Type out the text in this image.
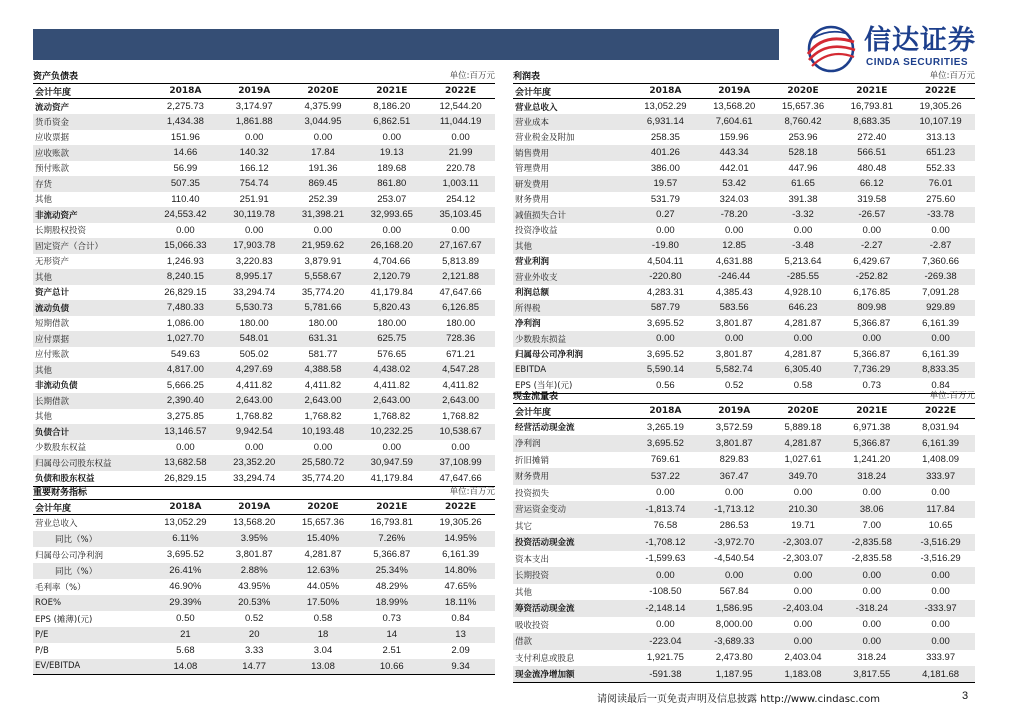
信达证券
CINDA SECURITIES
资产负债表	单位:百万元
会计年度	2018A	2019A	2020E	2021E	2022E
流动资产	2,275.73	3,174.97	4,375.99	8,186.20	12,544.20
货币资金	1,434.38	1,861.88	3,044.95	6,862.51	11,044.19
应收票据	151.96	0.00	0.00	0.00	0.00
应收账款	14.66	140.32	17.84	19.13	21.99
预付账款	56.99	166.12	191.36	189.68	220.78
存货	507.35	754.74	869.45	861.80	1,003.11
其他	110.40	251.91	252.39	253.07	254.12
非流动资产	24,553.42	30,119.78	31,398.21	32,993.65	35,103.45
长期股权投资	0.00	0.00	0.00	0.00	0.00
固定资产（合计）	15,066.33	17,903.78	21,959.62	26,168.20	27,167.67
无形资产	1,246.93	3,220.83	3,879.91	4,704.66	5,813.89
其他	8,240.15	8,995.17	5,558.67	2,120.79	2,121.88
资产总计	26,829.15	33,294.74	35,774.20	41,179.84	47,647.66
流动负债	7,480.33	5,530.73	5,781.66	5,820.43	6,126.85
短期借款	1,086.00	180.00	180.00	180.00	180.00
应付票据	1,027.70	548.01	631.31	625.75	728.36
应付账款	549.63	505.02	581.77	576.65	671.21
其他	4,817.00	4,297.69	4,388.58	4,438.02	4,547.28
非流动负债	5,666.25	4,411.82	4,411.82	4,411.82	4,411.82
长期借款	2,390.40	2,643.00	2,643.00	2,643.00	2,643.00
其他	3,275.85	1,768.82	1,768.82	1,768.82	1,768.82
负债合计	13,146.57	9,942.54	10,193.48	10,232.25	10,538.67
少数股东权益	0.00	0.00	0.00	0.00	0.00
归属母公司股东权益	13,682.58	23,352.20	25,580.72	30,947.59	37,108.99
负债和股东权益	26,829.15	33,294.74	35,774.20	41,179.84	47,647.66
重要财务指标	单位:百万元
会计年度	2018A	2019A	2020E	2021E	2022E
营业总收入	13,052.29	13,568.20	15,657.36	16,793.81	19,305.26
同比（%）	6.11%	3.95%	15.40%	7.26%	14.95%
归属母公司净利润	3,695.52	3,801.87	4,281.87	5,366.87	6,161.39
同比（%）	26.41%	2.88%	12.63%	25.34%	14.80%
毛利率（%）	46.90%	43.95%	44.05%	48.29%	47.65%
ROE%	29.39%	20.53%	17.50%	18.99%	18.11%
EPS (摊薄)(元)	0.50	0.52	0.58	0.73	0.84
P/E	21	20	18	14	13
P/B	5.68	3.33	3.04	2.51	2.09
EV/EBITDA	14.08	14.77	13.08	10.66	9.34
利润表	单位:百万元
会计年度	2018A	2019A	2020E	2021E	2022E
营业总收入	13,052.29	13,568.20	15,657.36	16,793.81	19,305.26
营业成本	6,931.14	7,604.61	8,760.42	8,683.35	10,107.19
营业税金及附加	258.35	159.96	253.96	272.40	313.13
销售费用	401.26	443.34	528.18	566.51	651.23
管理费用	386.00	442.01	447.96	480.48	552.33
研发费用	19.57	53.42	61.65	66.12	76.01
财务费用	531.79	324.03	391.38	319.58	275.60
减值损失合计	0.27	-78.20	-3.32	-26.57	-33.78
投资净收益	0.00	0.00	0.00	0.00	0.00
其他	-19.80	12.85	-3.48	-2.27	-2.87
营业利润	4,504.11	4,631.88	5,213.64	6,429.67	7,360.66
营业外收支	-220.80	-246.44	-285.55	-252.82	-269.38
利润总额	4,283.31	4,385.43	4,928.10	6,176.85	7,091.28
所得税	587.79	583.56	646.23	809.98	929.89
净利润	3,695.52	3,801.87	4,281.87	5,366.87	6,161.39
少数股东损益	0.00	0.00	0.00	0.00	0.00
归属母公司净利润	3,695.52	3,801.87	4,281.87	5,366.87	6,161.39
EBITDA	5,590.14	5,582.74	6,305.40	7,736.29	8,833.35
EPS (当年)(元)	0.56	0.52	0.58	0.73	0.84
现金流量表	单位:百万元
会计年度	2018A	2019A	2020E	2021E	2022E
经营活动现金流	3,265.19	3,572.59	5,889.18	6,971.38	8,031.94
净利润	3,695.52	3,801.87	4,281.87	5,366.87	6,161.39
折旧摊销	769.61	829.83	1,027.61	1,241.20	1,408.09
财务费用	537.22	367.47	349.70	318.24	333.97
投资损失	0.00	0.00	0.00	0.00	0.00
营运资金变动	-1,813.74	-1,713.12	210.30	38.06	117.84
其它	76.58	286.53	19.71	7.00	10.65
投资活动现金流	-1,708.12	-3,972.70	-2,303.07	-2,835.58	-3,516.29
资本支出	-1,599.63	-4,540.54	-2,303.07	-2,835.58	-3,516.29
长期投资	0.00	0.00	0.00	0.00	0.00
其他	-108.50	567.84	0.00	0.00	0.00
筹资活动现金流	-2,148.14	1,586.95	-2,403.04	-318.24	-333.97
吸收投资	0.00	8,000.00	0.00	0.00	0.00
借款	-223.04	-3,689.33	0.00	0.00	0.00
支付利息或股息	1,921.75	2,473.80	2,403.04	318.24	333.97
现金流净增加额	-591.38	1,187.95	1,183.08	3,817.55	4,181.68
请阅读最后一页免责声明及信息披露 http://www.cindasc.com	3
